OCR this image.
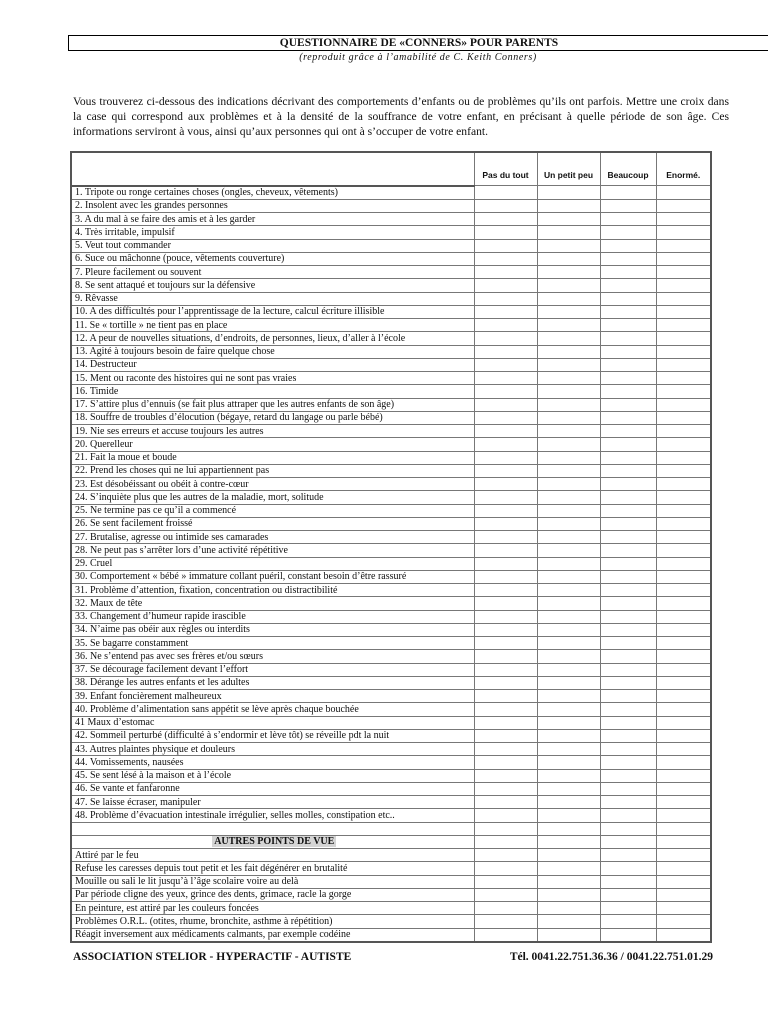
QUESTIONNAIRE DE «CONNERS» POUR PARENTS
(reproduit grâce à l’amabilité de C. Keith Conners)

Vous trouverez ci-dessous des indications décrivant des comportements d’enfants ou de problèmes qu’ils ont parfois. Mettre une croix dans la case qui correspond aux problèmes et à la densité de la souffrance de votre enfant, en précisant à quelle période de son âge. Ces informations serviront à vous, ainsi qu’aux personnes qui ont à s’occuper de votre enfant.

	Pas du tout	Un petit peu	Beaucoup	Enormé.
1. Tripote ou ronge certaines choses (ongles, cheveux, vêtements)				
2. Insolent avec les grandes personnes				
3. A du mal à se faire des amis et à les garder				
4. Très irritable, impulsif				
5. Veut tout commander				
6. Suce ou mâchonne (pouce, vêtements couverture)				
7. Pleure facilement ou souvent				
8. Se sent attaqué et toujours sur la défensive				
9. Rêvasse				
10. A des difficultés pour l’apprentissage de la lecture, calcul écriture illisible				
11. Se « tortille » ne tient pas en place				
12. A peur de nouvelles situations, d’endroits, de personnes, lieux, d’aller à l’école				
13. Agité à toujours besoin de faire quelque chose				
14. Destructeur				
15. Ment ou raconte des histoires qui ne sont pas vraies				
16. Timide				
17. S’attire plus d’ennuis (se fait plus attraper que les autres enfants de son âge)				
18. Souffre de troubles d’élocution (bégaye, retard du langage ou parle bébé)				
19. Nie ses erreurs et accuse toujours les autres				
20. Querelleur				
21. Fait la moue et boude				
22. Prend les choses qui ne lui appartiennent pas				
23. Est désobéissant ou obéit à contre-cœur				
24. S’inquiète plus que les autres de la maladie, mort, solitude				
25. Ne termine pas ce qu’il a commencé				
26. Se sent facilement froissé				
27. Brutalise, agresse ou intimide ses camarades				
28. Ne peut pas s’arrêter lors d’une activité répétitive				
29. Cruel				
30. Comportement « bébé » immature collant puéril, constant besoin d’être rassuré				
31. Problème d’attention, fixation, concentration ou distractibilité				
32. Maux de tête				
33. Changement d’humeur rapide irascible				
34. N’aime pas obéir aux règles ou interdits				
35. Se bagarre constamment				
36. Ne s’entend pas avec ses frères et/ou sœurs				
37. Se décourage facilement devant l’effort				
38. Dérange les autres enfants et les adultes				
39. Enfant foncièrement malheureux				
40. Problème d’alimentation sans appétit se lève après chaque bouchée				
41 Maux d’estomac				
42. Sommeil perturbé (difficulté à s’endormir et lève tôt) se réveille pdt la nuit				
43. Autres plaintes physique et douleurs				
44. Vomissements, nausées				
45. Se sent lésé à la maison et à l’école				
46. Se vante et fanfaronne				
47. Se laisse écraser, manipuler				
48. Problème d’évacuation intestinale irrégulier, selles molles, constipation etc..				

AUTRES POINTS DE VUE				
Attiré par le feu				
Refuse les caresses depuis tout petit et les fait dégénérer en brutalité				
Mouille ou sali le lit jusqu’à l’âge scolaire voire au delà				
Par période cligne des yeux, grince des dents, grimace, racle la gorge				
En peinture, est attiré par les couleurs foncées				
Problèmes O.R.L. (otites, rhume, bronchite, asthme à répétition)				
Réagit inversement aux médicaments calmants, par exemple codéine				
ASSOCIATION STELIOR - HYPERACTIF - AUTISTE	Tél. 0041.22.751.36.36 / 0041.22.751.01.29
